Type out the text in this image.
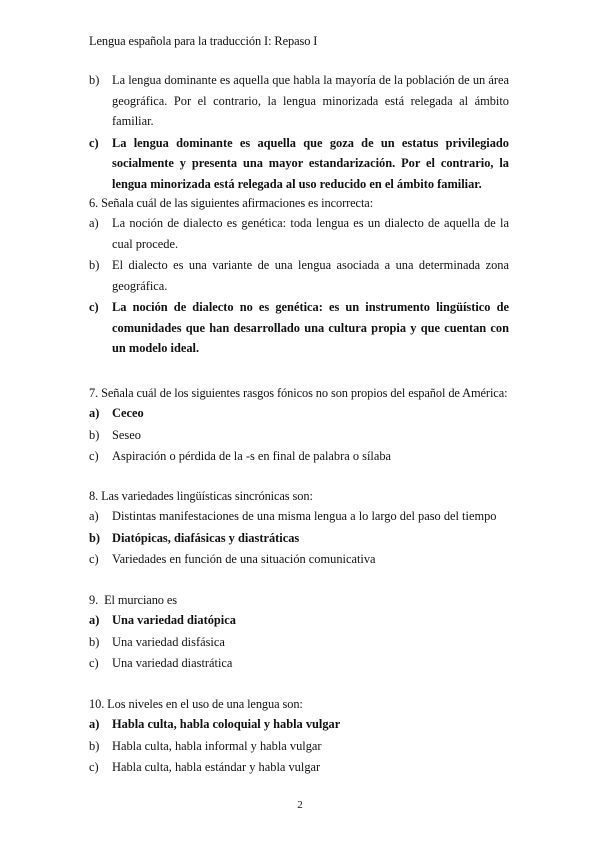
Lengua española para la traducción I: Repaso I
b) La lengua dominante es aquella que habla la mayoría de la población de un área geográfica. Por el contrario, la lengua minorizada está relegada al ámbito familiar.
c) La lengua dominante es aquella que goza de un estatus privilegiado socialmente y presenta una mayor estandarización. Por el contrario, la lengua minorizada está relegada al uso reducido en el ámbito familiar.
6. Señala cuál de las siguientes afirmaciones es incorrecta:
a) La noción de dialecto es genética: toda lengua es un dialecto de aquella de la cual procede.
b) El dialecto es una variante de una lengua asociada a una determinada zona geográfica.
c) La noción de dialecto no es genética: es un instrumento lingüístico de comunidades que han desarrollado una cultura propia y que cuentan con un modelo ideal.
7. Señala cuál de los siguientes rasgos fónicos no son propios del español de América:
a) Ceceo
b) Seseo
c) Aspiración o pérdida de la -s en final de palabra o sílaba
8. Las variedades lingüísticas sincrónicas son:
a) Distintas manifestaciones de una misma lengua a lo largo del paso del tiempo
b) Diatópicas, diafásicas y diastráticas
c) Variedades en función de una situación comunicativa
9.  El murciano es
a) Una variedad diatópica
b) Una variedad disfásica
c) Una variedad diastrática
10. Los niveles en el uso de una lengua son:
a) Habla culta, habla coloquial y habla vulgar
b) Habla culta, habla informal y habla vulgar
c) Habla culta, habla estándar y habla vulgar
2
